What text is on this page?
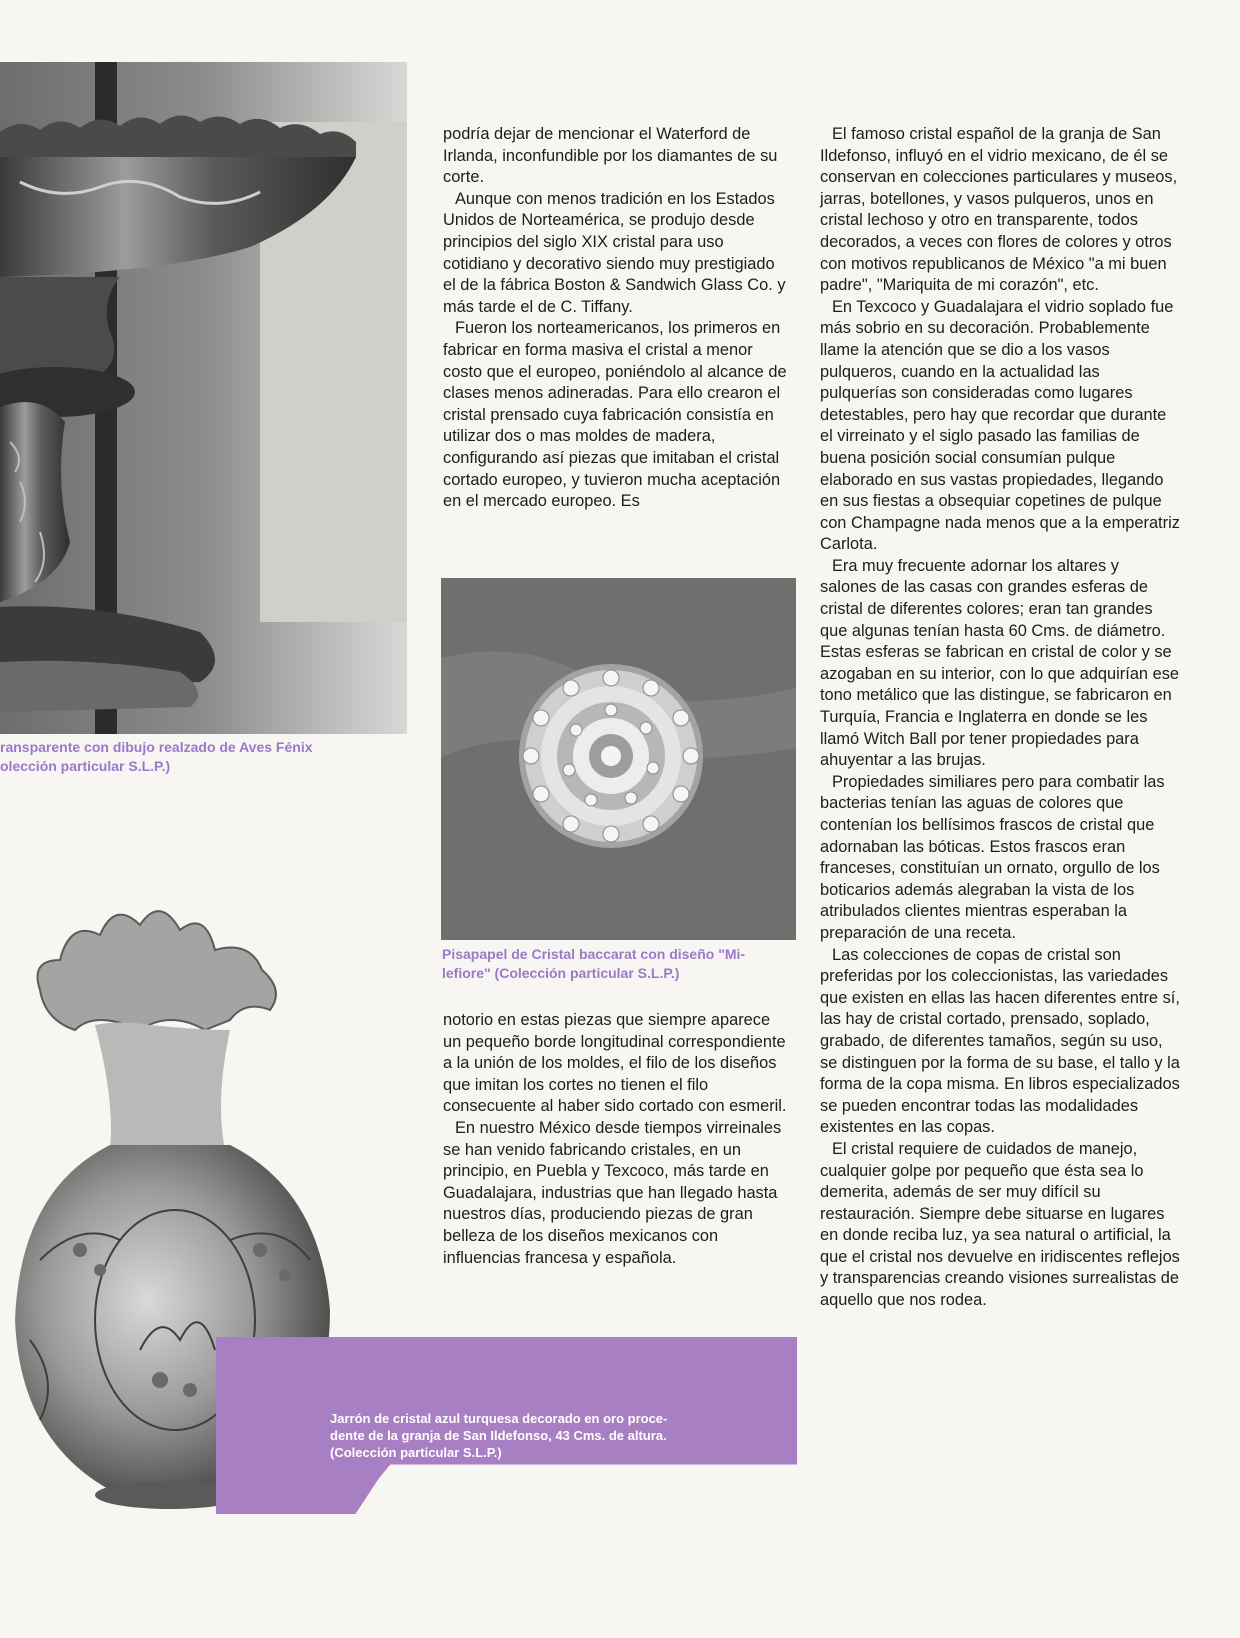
ransparente con dibujo realzado de Aves Fénix
olección particular S.L.P.)

Pisapapel de Cristal baccarat con diseño "Mi-
lefiore" (Colección particular S.L.P.)

Jarrón de cristal azul turquesa decorado en oro proce-
dente de la granja de San Ildefonso, 43 Cms. de altura.
(Colección particular S.L.P.)

podría dejar de mencionar el Waterford de Irlanda, inconfundible por los diamantes de su corte.

Aunque con menos tradición en los Estados Unidos de Norteamérica, se produjo desde principios del siglo XIX cristal para uso cotidiano y decorativo siendo muy prestigiado el de la fábrica Boston & Sandwich Glass Co. y más tarde el de C. Tiffany.

Fueron los norteamericanos, los primeros en fabricar en forma masiva el cristal a menor costo que el europeo, poniéndolo al alcance de clases menos adineradas. Para ello crearon el cristal prensado cuya fabricación consistía en utilizar dos o mas moldes de madera, configurando así piezas que imitaban el cristal cortado europeo, y tuvieron mucha aceptación en el mercado europeo. Es

notorio en estas piezas que siempre aparece un pequeño borde longitudinal correspondiente a la unión de los moldes, el filo de los diseños que imitan los cortes no tienen el filo consecuente al haber sido cortado con esmeril.

En nuestro México desde tiempos virreinales se han venido fabricando cristales, en un principio, en Puebla y Texcoco, más tarde en Guadalajara, industrias que han llegado hasta nuestros días, produciendo piezas de gran belleza de los diseños mexicanos con influencias francesa y española.

El famoso cristal español de la granja de San Ildefonso, influyó en el vidrio mexicano, de él se conservan en colecciones particulares y museos, jarras, botellones, y vasos pulqueros, unos en cristal lechoso y otro en transparente, todos decorados, a veces con flores de colores y otros con motivos republicanos de México "a mi buen padre", "Mariquita de mi corazón", etc.

En Texcoco y Guadalajara el vidrio soplado fue más sobrio en su decoración. Probablemente llame la atención que se dio a los vasos pulqueros, cuando en la actualidad las pulquerías son consideradas como lugares detestables, pero hay que recordar que durante el virreinato y el siglo pasado las familias de buena posición social consumían pulque elaborado en sus vastas propiedades, llegando en sus fiestas a obsequiar copetines de pulque con Champagne nada menos que a la emperatriz Carlota.

Era muy frecuente adornar los altares y salones de las casas con grandes esferas de cristal de diferentes colores; eran tan grandes que algunas tenían hasta 60 Cms. de diámetro. Estas esferas se fabrican en cristal de color y se azogaban en su interior, con lo que adquirían ese tono metálico que las distingue, se fabricaron en Turquía, Francia e Inglaterra en donde se les llamó Witch Ball por tener propiedades para ahuyentar a las brujas.

Propiedades similiares pero para combatir las bacterias tenían las aguas de colores que contenían los bellísimos frascos de cristal que adornaban las bóticas. Estos frascos eran franceses, constituían un ornato, orgullo de los boticarios además alegraban la vista de los atribulados clientes mientras esperaban la preparación de una receta.

Las colecciones de copas de cristal son preferidas por los coleccionistas, las variedades que existen en ellas las hacen diferentes entre sí, las hay de cristal cortado, prensado, soplado, grabado, de diferentes tamaños, según su uso, se distinguen por la forma de su base, el tallo y la forma de la copa misma. En libros especializados se pueden encontrar todas las modalidades existentes en las copas.

El cristal requiere de cuidados de manejo, cualquier golpe por pequeño que ésta sea lo demerita, además de ser muy difícil su restauración. Siempre debe situarse en lugares en donde reciba luz, ya sea natural o artificial, la que el cristal nos devuelve en iridiscentes reflejos y transparencias creando visiones surrealistas de aquello que nos rodea.
